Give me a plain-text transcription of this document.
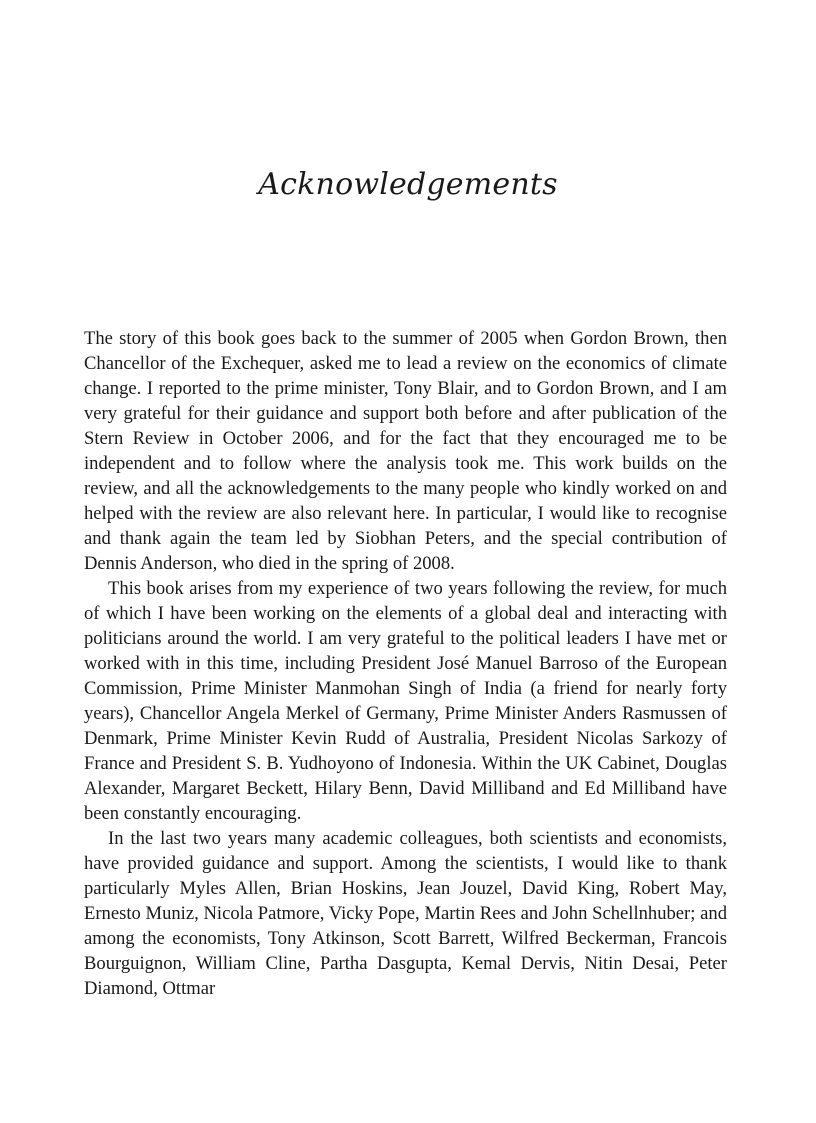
Acknowledgements

The story of this book goes back to the summer of 2005 when Gordon Brown, then Chancellor of the Exchequer, asked me to lead a review on the economics of climate change. I reported to the prime minister, Tony Blair, and to Gordon Brown, and I am very grateful for their guidance and support both before and after publication of the Stern Review in October 2006, and for the fact that they encouraged me to be independent and to follow where the analysis took me. This work builds on the review, and all the acknowledgements to the many people who kindly worked on and helped with the review are also relevant here. In particular, I would like to recognise and thank again the team led by Siobhan Peters, and the special contribution of Dennis Anderson, who died in the spring of 2008.

This book arises from my experience of two years following the review, for much of which I have been working on the elements of a global deal and interacting with politicians around the world. I am very grateful to the political leaders I have met or worked with in this time, including President José Manuel Barroso of the European Commission, Prime Minister Manmohan Singh of India (a friend for nearly forty years), Chancellor Angela Merkel of Germany, Prime Minister Anders Rasmussen of Denmark, Prime Minister Kevin Rudd of Australia, President Nicolas Sarkozy of France and President S. B. Yudhoyono of Indonesia. Within the UK Cabinet, Douglas Alexander, Margaret Beckett, Hilary Benn, David Milliband and Ed Milliband have been constantly encouraging.

In the last two years many academic colleagues, both scientists and economists, have provided guidance and support. Among the scientists, I would like to thank particularly Myles Allen, Brian Hoskins, Jean Jouzel, David King, Robert May, Ernesto Muniz, Nicola Patmore, Vicky Pope, Martin Rees and John Schellnhuber; and among the economists, Tony Atkinson, Scott Barrett, Wilfred Beckerman, Francois Bourguignon, William Cline, Partha Dasgupta, Kemal Dervis, Nitin Desai, Peter Diamond, Ottmar
